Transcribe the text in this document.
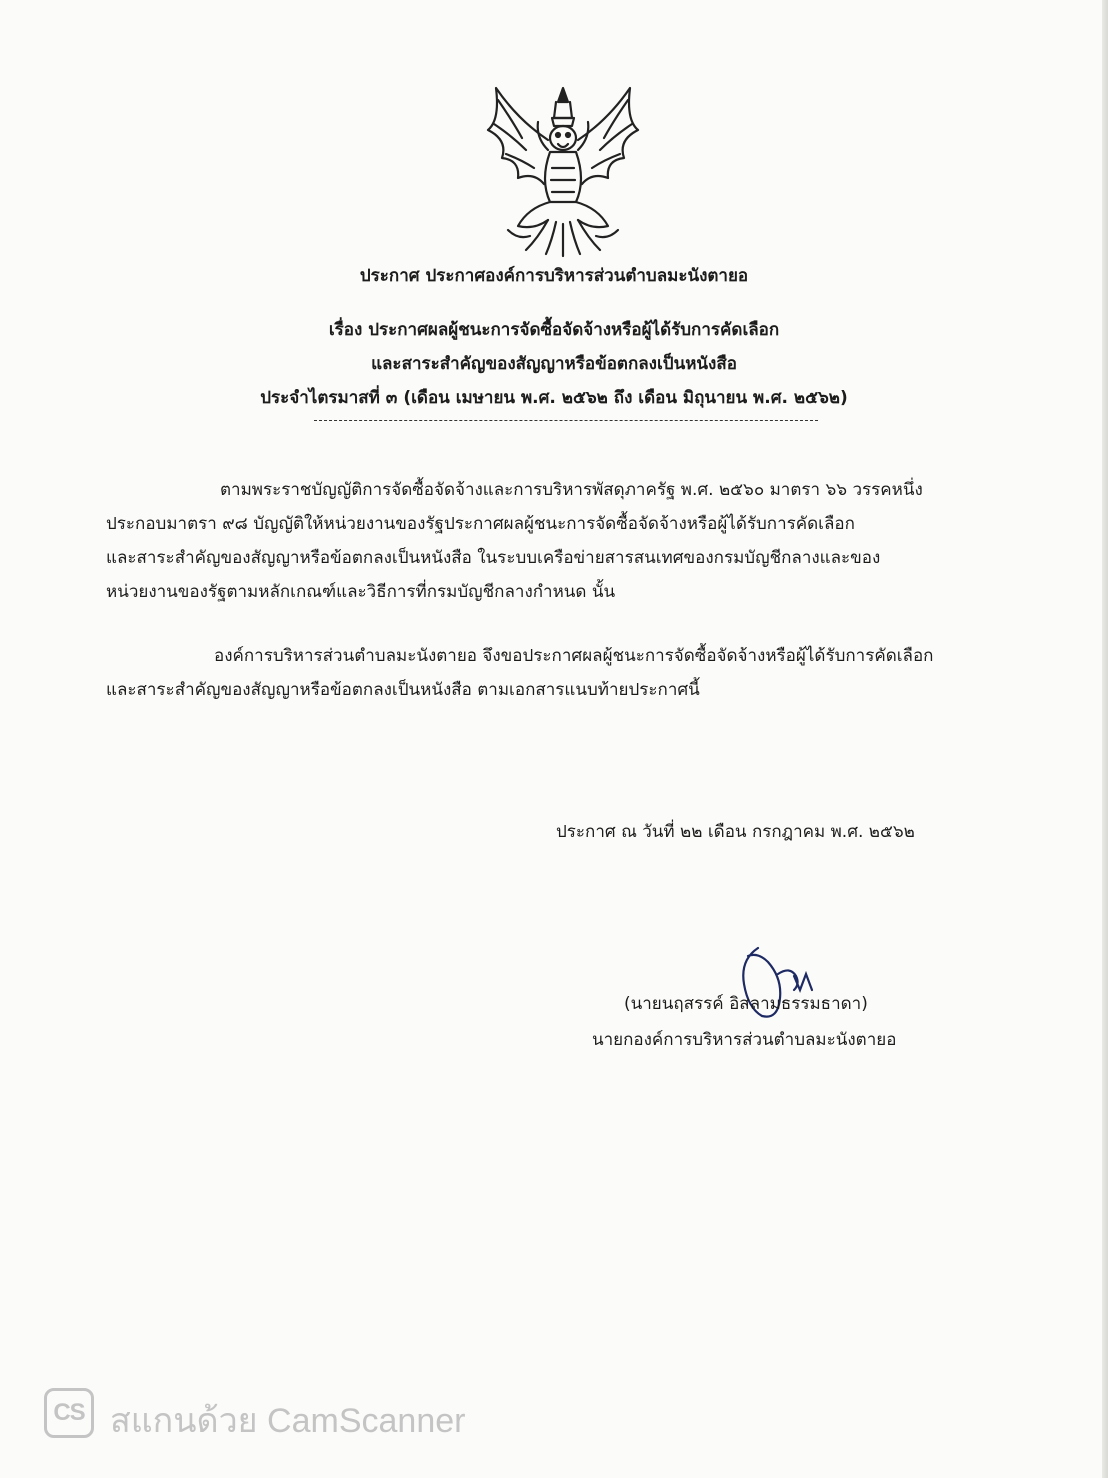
ประกาศ ประกาศองค์การบริหารส่วนตำบลมะนังตายอ
เรื่อง ประกาศผลผู้ชนะการจัดซื้อจัดจ้างหรือผู้ได้รับการคัดเลือก
และสาระสำคัญของสัญญาหรือข้อตกลงเป็นหนังสือ
ประจำไตรมาสที่ ๓ (เดือน เมษายน พ.ศ. ๒๕๖๒ ถึง เดือน มิถุนายน พ.ศ. ๒๕๖๒)
ตามพระราชบัญญัติการจัดซื้อจัดจ้างและการบริหารพัสดุภาครัฐ พ.ศ. ๒๕๖๐ มาตรา ๖๖ วรรคหนึ่ง
ประกอบมาตรา ๙๘ บัญญัติให้หน่วยงานของรัฐประกาศผลผู้ชนะการจัดซื้อจัดจ้างหรือผู้ได้รับการคัดเลือก
และสาระสำคัญของสัญญาหรือข้อตกลงเป็นหนังสือ ในระบบเครือข่ายสารสนเทศของกรมบัญชีกลางและของ
หน่วยงานของรัฐตามหลักเกณฑ์และวิธีการที่กรมบัญชีกลางกำหนด นั้น
องค์การบริหารส่วนตำบลมะนังตายอ จึงขอประกาศผลผู้ชนะการจัดซื้อจัดจ้างหรือผู้ได้รับการคัดเลือก
และสาระสำคัญของสัญญาหรือข้อตกลงเป็นหนังสือ ตามเอกสารแนบท้ายประกาศนี้
ประกาศ ณ วันที่ ๒๒ เดือน กรกฎาคม พ.ศ. ๒๕๖๒
(นายนฤสรรค์ อิสลามธรรมธาดา)
นายกองค์การบริหารส่วนตำบลมะนังตายอ
CS สแกนด้วย CamScanner
